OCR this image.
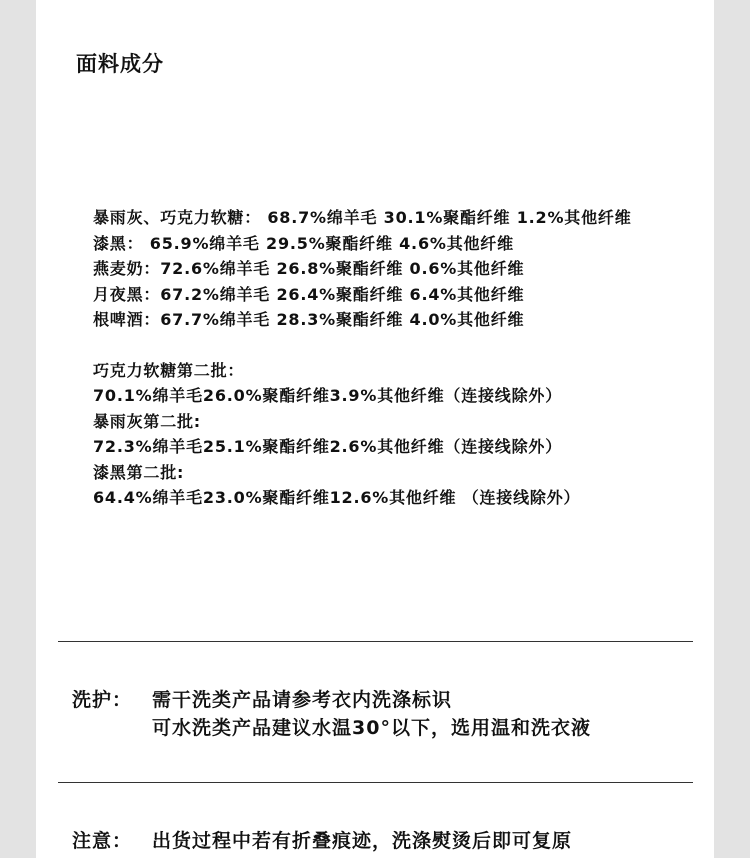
面料成分
暴雨灰、巧克力软糖： 68.7%绵羊毛 30.1%聚酯纤维 1.2%其他纤维
漆黑： 65.9%绵羊毛 29.5%聚酯纤维 4.6%其他纤维
燕麦奶：72.6%绵羊毛 26.8%聚酯纤维 0.6%其他纤维
月夜黑：67.2%绵羊毛 26.4%聚酯纤维 6.4%其他纤维
根啤酒：67.7%绵羊毛 28.3%聚酯纤维 4.0%其他纤维
巧克力软糖第二批：
70.1%绵羊毛26.0%聚酯纤维3.9%其他纤维（连接线除外）
暴雨灰第二批:
72.3%绵羊毛25.1%聚酯纤维2.6%其他纤维（连接线除外）
漆黑第二批:
64.4%绵羊毛23.0%聚酯纤维12.6%其他纤维 （连接线除外）
洗护： 需干洗类产品请参考衣内洗涤标识
可水洗类产品建议水温30°以下，选用温和洗衣液
注意： 出货过程中若有折叠痕迹，洗涤熨烫后即可复原
